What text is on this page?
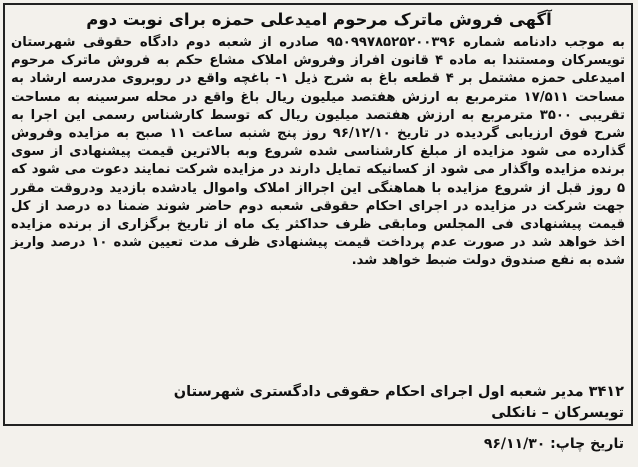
آگهی فروش ماترک مرحوم امیدعلی حمزه برای نوبت دوم

به موجب دادنامه شماره ۹۵۰۹۹۷۸۵۲۵۲۰۰۳۹۶ صادره از شعبه دوم دادگاه حقوقی شهرستان تویسرکان ومستندا به ماده ۴ قانون افراز وفروش املاک مشاع حکم به فروش ماترک مرحوم امیدعلی حمزه مشتمل بر ۴ قطعه باغ به شرح ذیل ۱- باغچه واقع در روبروی مدرسه ارشاد به مساحت ۱۷/۵۱۱ مترمربع به ارزش هفتصد میلیون ریال باغ واقع در محله سرسینه به مساحت تقریبی ۳۵۰۰ مترمربع به ارزش هفتصد میلیون ریال که توسط کارشناس رسمی این اجرا به شرح فوق ارزیابی گردیده در تاریخ ۹۶/۱۲/۱۰ روز پنج شنبه ساعت ۱۱ صبح به مزایده وفروش گذارده می شود مزایده از مبلغ کارشناسی شده شروع وبه بالاترین قیمت پیشنهادی از سوی برنده مزایده واگذار می شود از کسانیکه تمایل دارند در مزایده شرکت نمایند دعوت می شود که ۵ روز قبل از شروع مزایده با هماهنگی این اجرااز املاک واموال یادشده بازدید ودروقت مقرر جهت شرکت در مزایده در اجرای احکام حقوقی شعبه دوم حاضر شوند ضمنا ده درصد از کل قیمت پیشنهادی فی المجلس ومابقی ظرف حداکثر یک ماه از تاریخ برگزاری از برنده مزایده اخذ خواهد شد در صورت عدم پرداخت قیمت پیشنهادی ظرف مدت تعیین شده ۱۰ درصد واریز شده به نفع صندوق دولت ضبط خواهد شد.

۳۴۱۲ مدیر شعبه اول اجرای احکام حقوقی دادگستری شهرستان
تویسرکان – نانکلی
تاریخ چاپ: ۹۶/۱۱/۳۰
